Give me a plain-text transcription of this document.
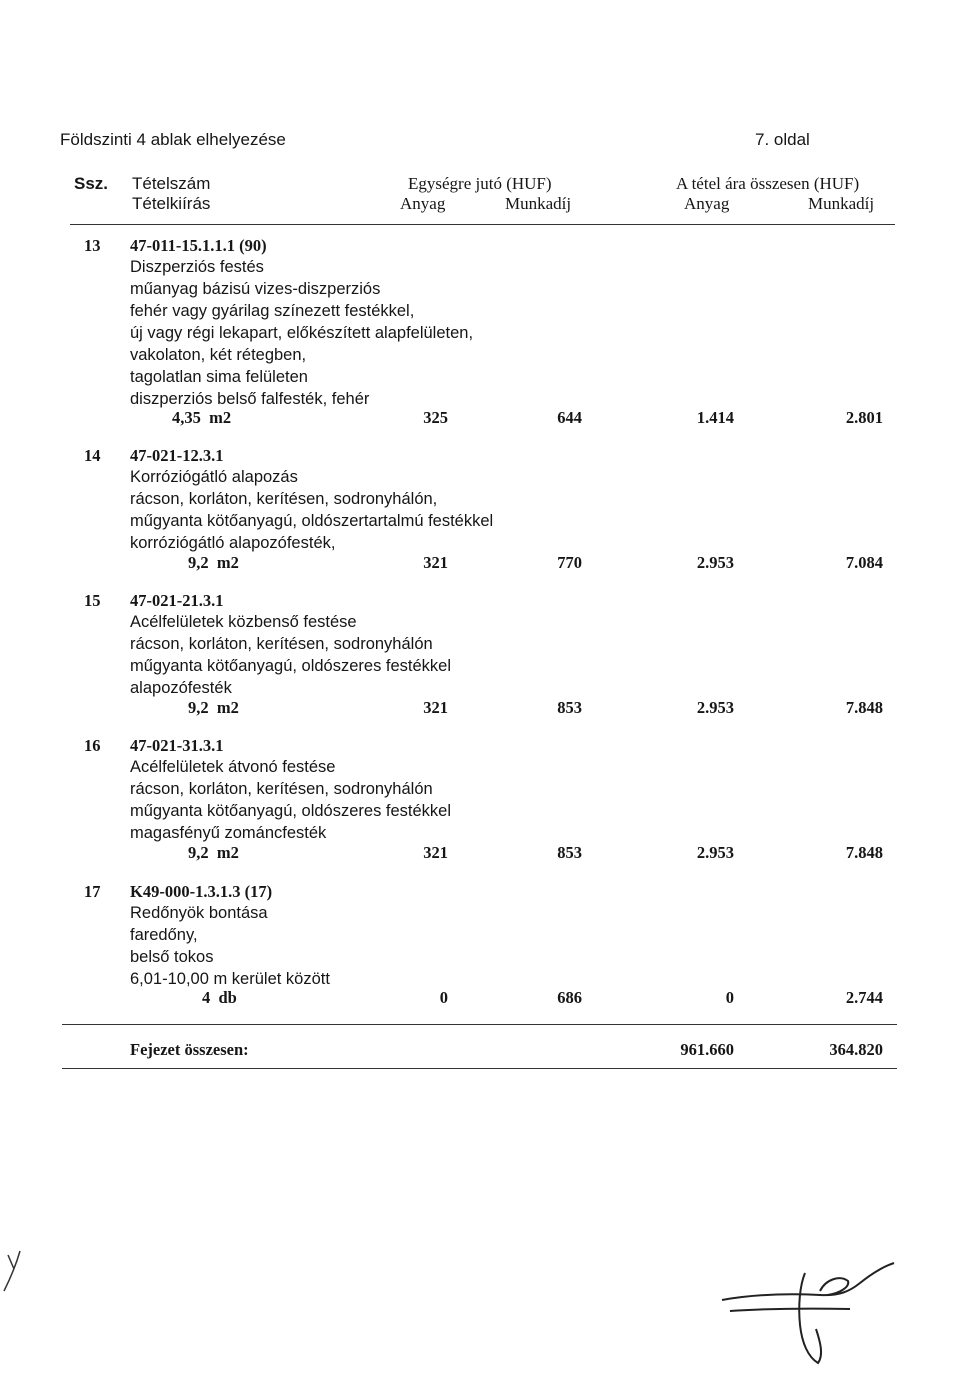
Földszinti 4 ablak elhelyezése	7. oldal
Ssz. Tételszám
Tételkiírás
Egységre jutó (HUF)
Anyag	Munkadíj
A tétel ára összesen (HUF)
Anyag	Munkadíj
13 47-011-15.1.1.1 (90)
Diszperziós festés
műanyag bázisú vizes-diszperziós
fehér vagy gyárilag színezett festékkel,
új vagy régi lekapart, előkészített alapfelületen,
vakolaton, két rétegben,
tagolatlan sima felületen
diszperziós belső falfesték, fehér
4,35 m2	325	644	1.414	2.801
14 47-021-12.3.1
Korróziógátló alapozás
rácson, korláton, kerítésen, sodronyhálón,
műgyanta kötőanyagú, oldószertartalmú festékkel
korróziógátló alapozófesték,
9,2 m2	321	770	2.953	7.084
15 47-021-21.3.1
Acélfelületek közbenső festése
rácson, korláton, kerítésen, sodronyhálón
műgyanta kötőanyagú, oldószeres festékkel
alapozófesték
9,2 m2	321	853	2.953	7.848
16 47-021-31.3.1
Acélfelületek átvonó festése
rácson, korláton, kerítésen, sodronyhálón
műgyanta kötőanyagú, oldószeres festékkel
magasfényű zománcfesték
9,2 m2	321	853	2.953	7.848
17 K49-000-1.3.1.3 (17)
Redőnyök bontása
faredőny,
belső tokos
6,01-10,00 m kerület között
4 db	0	686	0	2.744
Fejezet összesen:	961.660	364.820
